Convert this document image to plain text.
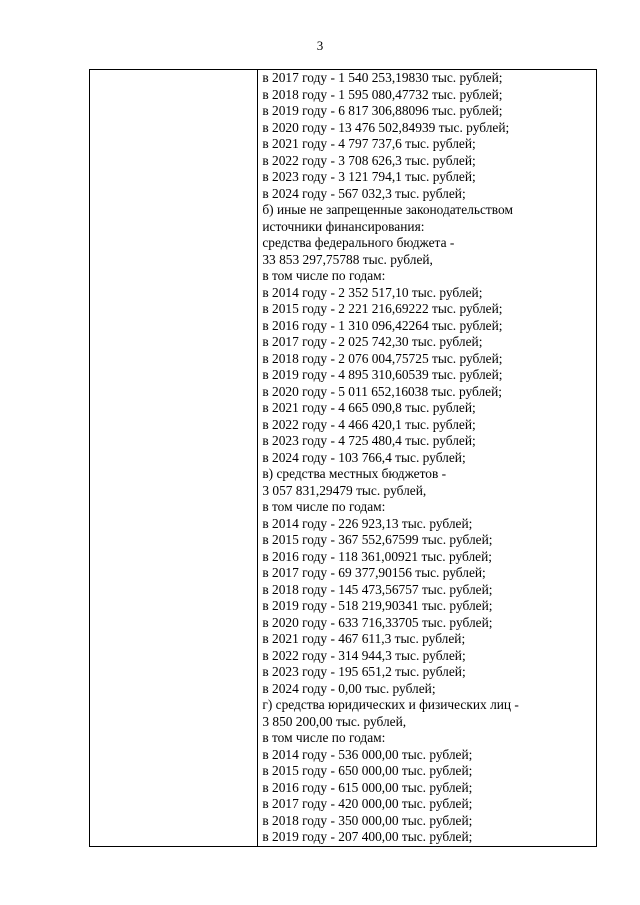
3

в 2017 году - 1 540 253,19830 тыс. рублей;
в 2018 году - 1 595 080,47732 тыс. рублей;
в 2019 году - 6 817 306,88096 тыс. рублей;
в 2020 году - 13 476 502,84939 тыс. рублей;
в 2021 году - 4 797 737,6 тыс. рублей;
в 2022 году - 3 708 626,3 тыс. рублей;
в 2023 году - 3 121 794,1 тыс. рублей;
в 2024 году - 567 032,3 тыс. рублей;
б) иные не запрещенные законодательством
источники финансирования:
средства федерального бюджета -
33 853 297,75788 тыс. рублей,
в том числе по годам:
в 2014 году - 2 352 517,10 тыс. рублей;
в 2015 году - 2 221 216,69222 тыс. рублей;
в 2016 году - 1 310 096,42264 тыс. рублей;
в 2017 году - 2 025 742,30 тыс. рублей;
в 2018 году - 2 076 004,75725 тыс. рублей;
в 2019 году - 4 895 310,60539 тыс. рублей;
в 2020 году - 5 011 652,16038 тыс. рублей;
в 2021 году - 4 665 090,8 тыс. рублей;
в 2022 году - 4 466 420,1 тыс. рублей;
в 2023 году - 4 725 480,4 тыс. рублей;
в 2024 году - 103 766,4 тыс. рублей;
в) средства местных бюджетов -
3 057 831,29479 тыс. рублей,
в том числе по годам:
в 2014 году - 226 923,13 тыс. рублей;
в 2015 году - 367 552,67599 тыс. рублей;
в 2016 году - 118 361,00921 тыс. рублей;
в 2017 году - 69 377,90156 тыс. рублей;
в 2018 году - 145 473,56757 тыс. рублей;
в 2019 году - 518 219,90341 тыс. рублей;
в 2020 году - 633 716,33705 тыс. рублей;
в 2021 году - 467 611,3 тыс. рублей;
в 2022 году - 314 944,3 тыс. рублей;
в 2023 году - 195 651,2 тыс. рублей;
в 2024 году - 0,00 тыс. рублей;
г) средства юридических и физических лиц -
3 850 200,00 тыс. рублей,
в том числе по годам:
в 2014 году - 536 000,00 тыс. рублей;
в 2015 году - 650 000,00 тыс. рублей;
в 2016 году - 615 000,00 тыс. рублей;
в 2017 году - 420 000,00 тыс. рублей;
в 2018 году - 350 000,00 тыс. рублей;
в 2019 году - 207 400,00 тыс. рублей;
